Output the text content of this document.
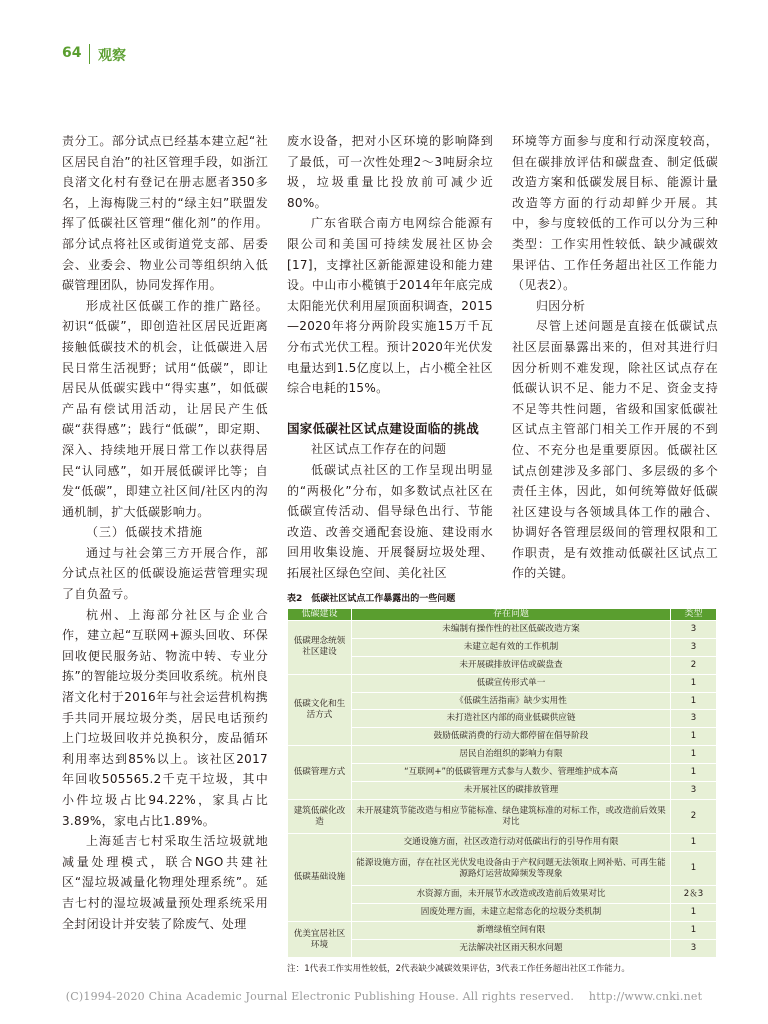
64 观察

责分工。部分试点已经基本建立起“社区居民自治”的社区管理手段，如浙江良渚文化村有登记在册志愿者350多名，上海梅陇三村的“绿主妇”联盟发挥了低碳社区管理“催化剂”的作用。部分试点将社区或街道党支部、居委会、业委会、物业公司等组织纳入低碳管理团队，协同发挥作用。

形成社区低碳工作的推广路径。初识“低碳”，即创造社区居民近距离接触低碳技术的机会，让低碳进入居民日常生活视野；试用“低碳”，即让居民从低碳实践中“得实惠”，如低碳产品有偿试用活动，让居民产生低碳“获得感”；践行“低碳”，即定期、深入、持续地开展日常工作以获得居民“认同感”，如开展低碳评比等；自发“低碳”，即建立社区间/社区内的沟通机制，扩大低碳影响力。

（三）低碳技术措施

通过与社会第三方开展合作，部分试点社区的低碳设施运营管理实现了自负盈亏。

杭州、上海部分社区与企业合作，建立起“互联网+源头回收、环保回收便民服务站、物流中转、专业分拣”的智能垃圾分类回收系统。杭州良渚文化村于2016年与社会运营机构携手共同开展垃圾分类，居民电话预约上门垃圾回收并兑换积分，废品循环利用率达到85%以上。该社区2017年回收505565.2千克干垃圾，其中小件垃圾占比94.22%，家具占比3.89%，家电占比1.89%。

上海延吉七村采取生活垃圾就地减量处理模式，联合NGO共建社区“湿垃圾减量化物理处理系统”。延吉七村的湿垃圾减量预处理系统采用全封闭设计并安装了除废气、处理

废水设备，把对小区环境的影响降到了最低，可一次性处理2～3吨厨余垃圾，垃圾重量比投放前可减少近80%。

广东省联合南方电网综合能源有限公司和美国可持续发展社区协会[17]，支撑社区新能源建设和能力建设。中山市小榄镇于2014年年底完成太阳能光伏利用屋顶面积调查，2015—2020年将分两阶段实施15万千瓦分布式光伏工程。预计2020年光伏发电量达到1.5亿度以上，占小榄全社区综合电耗的15%。

国家低碳社区试点建设面临的挑战

社区试点工作存在的问题

低碳试点社区的工作呈现出明显的“两极化”分布，如多数试点社区在低碳宣传活动、倡导绿色出行、节能改造、改善交通配套设施、建设雨水回用收集设施、开展餐厨垃圾处理、拓展社区绿色空间、美化社区

环境等方面参与度和行动深度较高，但在碳排放评估和碳盘查、制定低碳改造方案和低碳发展目标、能源计量改造等方面的行动却鲜少开展。其中，参与度较低的工作可以分为三种类型：工作实用性较低、缺少减碳效果评估、工作任务超出社区工作能力（见表2）。

归因分析

尽管上述问题是直接在低碳试点社区层面暴露出来的，但对其进行归因分析则不难发现，除社区试点存在低碳认识不足、能力不足、资金支持不足等共性问题，省级和国家低碳社区试点主管部门相关工作开展的不到位、不充分也是重要原因。低碳社区试点创建涉及多部门、多层级的多个责任主体，因此，如何统筹做好低碳社区建设与各领域具体工作的融合、协调好各管理层级间的管理权限和工作职责，是有效推动低碳社区试点工作的关键。

表2　低碳社区试点工作暴露出的一些问题
低碳建设	存在问题	类型
低碳理念统领社区建设	未编制有操作性的社区低碳改造方案	3
	未建立起有效的工作机制	3
	未开展碳排放评估或碳盘查	2
低碳文化和生活方式	低碳宣传形式单一	1
	《低碳生活指南》缺少实用性	1
	未打造社区内部的商业低碳供应链	3
	鼓励低碳消费的行动大都停留在倡导阶段	1
低碳管理方式	居民自治组织的影响力有限	1
	“互联网+”的低碳管理方式参与人数少、管理维护成本高	1
	未开展社区的碳排放管理	3
建筑低碳化改造	未开展建筑节能改造与相应节能标准、绿色建筑标准的对标工作，或改造前后效果对比	2
低碳基础设施	交通设施方面，社区改造行动对低碳出行的引导作用有限	1
	能源设施方面，存在社区光伏发电设备由于产权问题无法领取上网补贴、可再生能源路灯运营故障频发等现象	1
	水资源方面，未开展节水改造或改造前后效果对比	2＆3
	固废处理方面，未建立起常态化的垃圾分类机制	1
优美宜居社区环境	新增绿植空间有限	1
	无法解决社区雨天积水问题	3
注：1代表工作实用性较低，2代表缺少减碳效果评估，3代表工作任务超出社区工作能力。
(C)1994-2020 China Academic Journal Electronic Publishing House. All rights reserved.　 http://www.cnki.net
